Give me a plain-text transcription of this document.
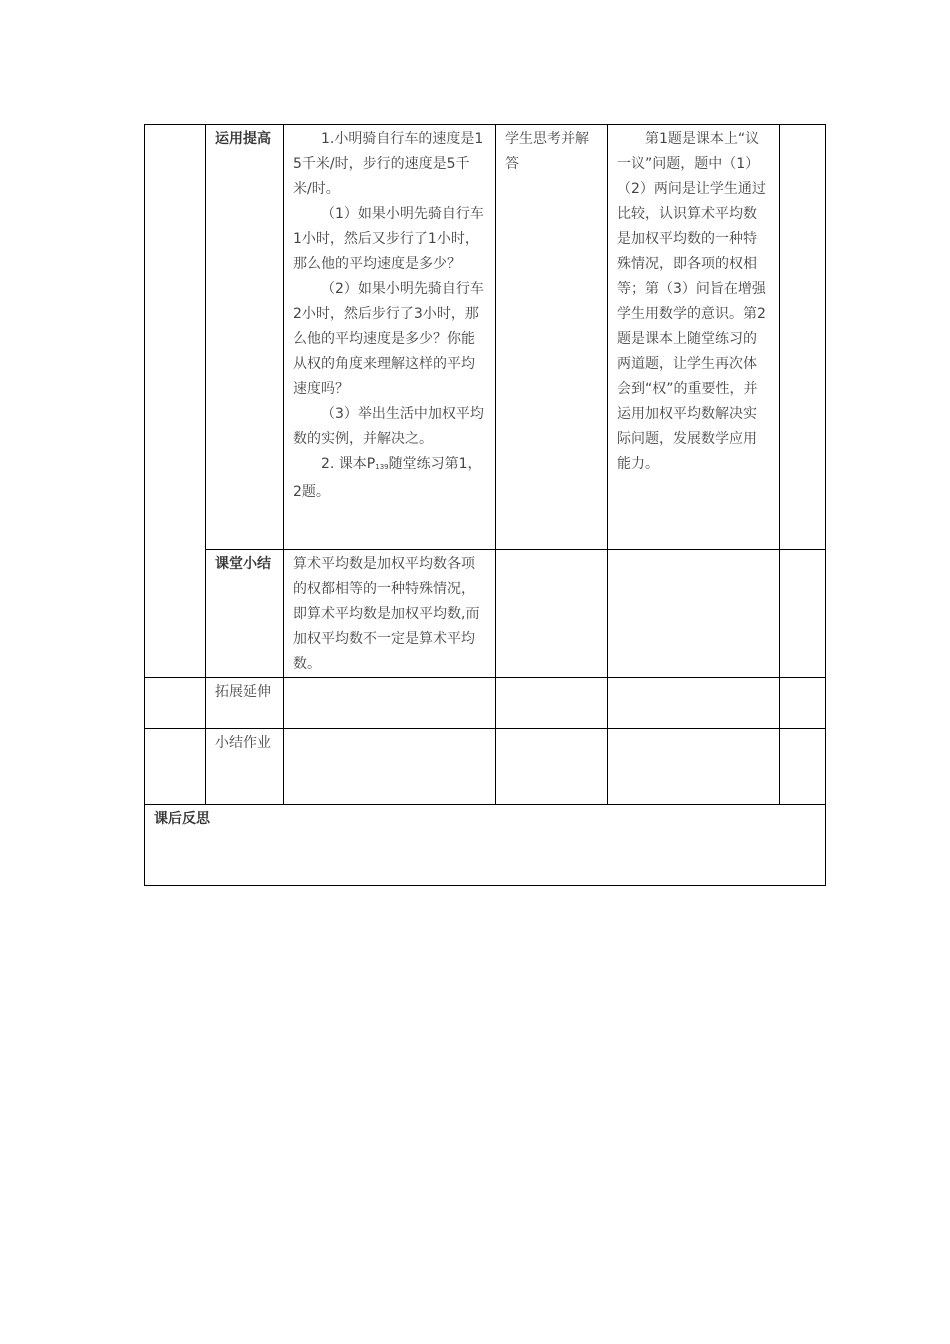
	运用提高	1.小明骑自行车的速度是15千米/时，步行的速度是5千米/时。

（1）如果小明先骑自行车1小时，然后又步行了1小时，那么他的平均速度是多少？

（2）如果小明先骑自行车2小时，然后步行了3小时，那么他的平均速度是多少？你能从权的角度来理解这样的平均速度吗？

（3）举出生活中加权平均数的实例，并解决之。

2. 课本P139随堂练习第1，2题。	学生思考并解答	第1题是课本上“议一议”问题，题中（1）（2）两问是让学生通过比较，认识算术平均数是加权平均数的一种特殊情况，即各项的权相等；第（3）问旨在增强学生用数学的意识。第2题是课本上随堂练习的两道题，让学生再次体会到“权”的重要性，并运用加权平均数解决实际问题，发展数学应用能力。	
	课堂小结	算术平均数是加权平均数各项的权都相等的一种特殊情况，即算术平均数是加权平均数,而加权平均数不一定是算术平均数。			
	拓展延伸				
	小结作业				
课后反思					
